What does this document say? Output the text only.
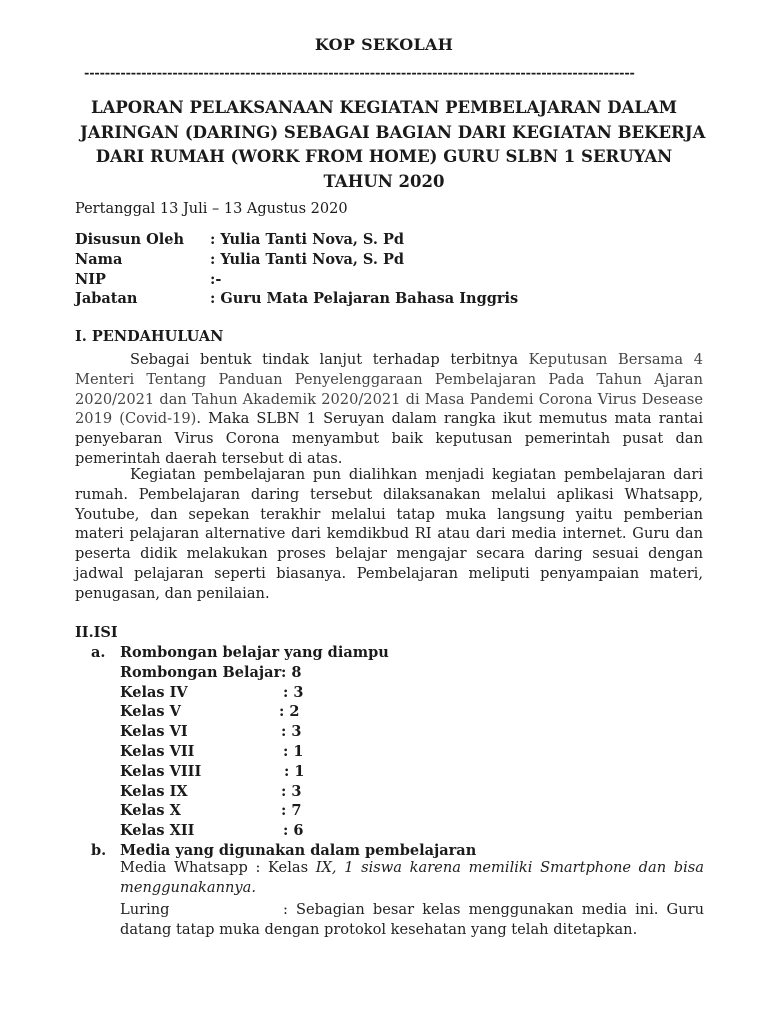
KOP SEKOLAH
----------------------------------------------------------------------------------------------------------
LAPORAN PELAKSANAAN KEGIATAN PEMBELAJARAN DALAM
JARINGAN (DARING) SEBAGAI BAGIAN DARI KEGIATAN BEKERJA
DARI RUMAH (WORK FROM HOME) GURU SLBN 1 SERUYAN
TAHUN 2020
Pertanggal 13 Juli – 13 Agustus 2020
Disusun Oleh : Yulia Tanti Nova, S. Pd
Nama	: Yulia Tanti Nova, S. Pd
NIP	:-
Jabatan	: Guru Mata Pelajaran Bahasa Inggris
I. PENDAHULUAN
Sebagai bentuk tindak lanjut terhadap terbitnya Keputusan Bersama 4
Menteri Tentang Panduan Penyelenggaraan Pembelajaran Pada Tahun Ajaran
2020/2021 dan Tahun Akademik 2020/2021 di Masa Pandemi Corona Virus Desease
2019 (Covid-19). Maka SLBN 1 Seruyan dalam rangka ikut memutus mata rantai
penyebaran Virus Corona menyambut baik keputusan pemerintah pusat dan
pemerintah daerah tersebut di atas.
Kegiatan pembelajaran pun dialihkan menjadi kegiatan pembelajaran dari
rumah. Pembelajaran daring tersebut dilaksanakan melalui aplikasi Whatsapp,
Youtube, dan sepekan terakhir melalui tatap muka langsung yaitu pemberian
materi pelajaran alternative dari kemdikbud RI atau dari media internet. Guru dan
peserta didik melakukan proses belajar mengajar secara daring sesuai dengan
jadwal pelajaran seperti biasanya. Pembelajaran meliputi penyampaian materi,
penugasan, dan penilaian.
II.ISI
a. Rombongan belajar yang diampu
Rombongan Belajar : 8
Kelas IV	: 3
Kelas V	: 2
Kelas VI	: 3
Kelas VII	: 1
Kelas VIII	: 1
Kelas IX	: 3
Kelas X	: 7
Kelas XII	: 6
b. Media yang digunakan dalam pembelajaran
Media Whatsapp : Kelas IX, 1 siswa karena memiliki Smartphone dan bisa
menggunakannya.
Luring	: Sebagian besar kelas menggunakan media ini. Guru
datang tatap muka dengan protokol kesehatan yang telah ditetapkan.
